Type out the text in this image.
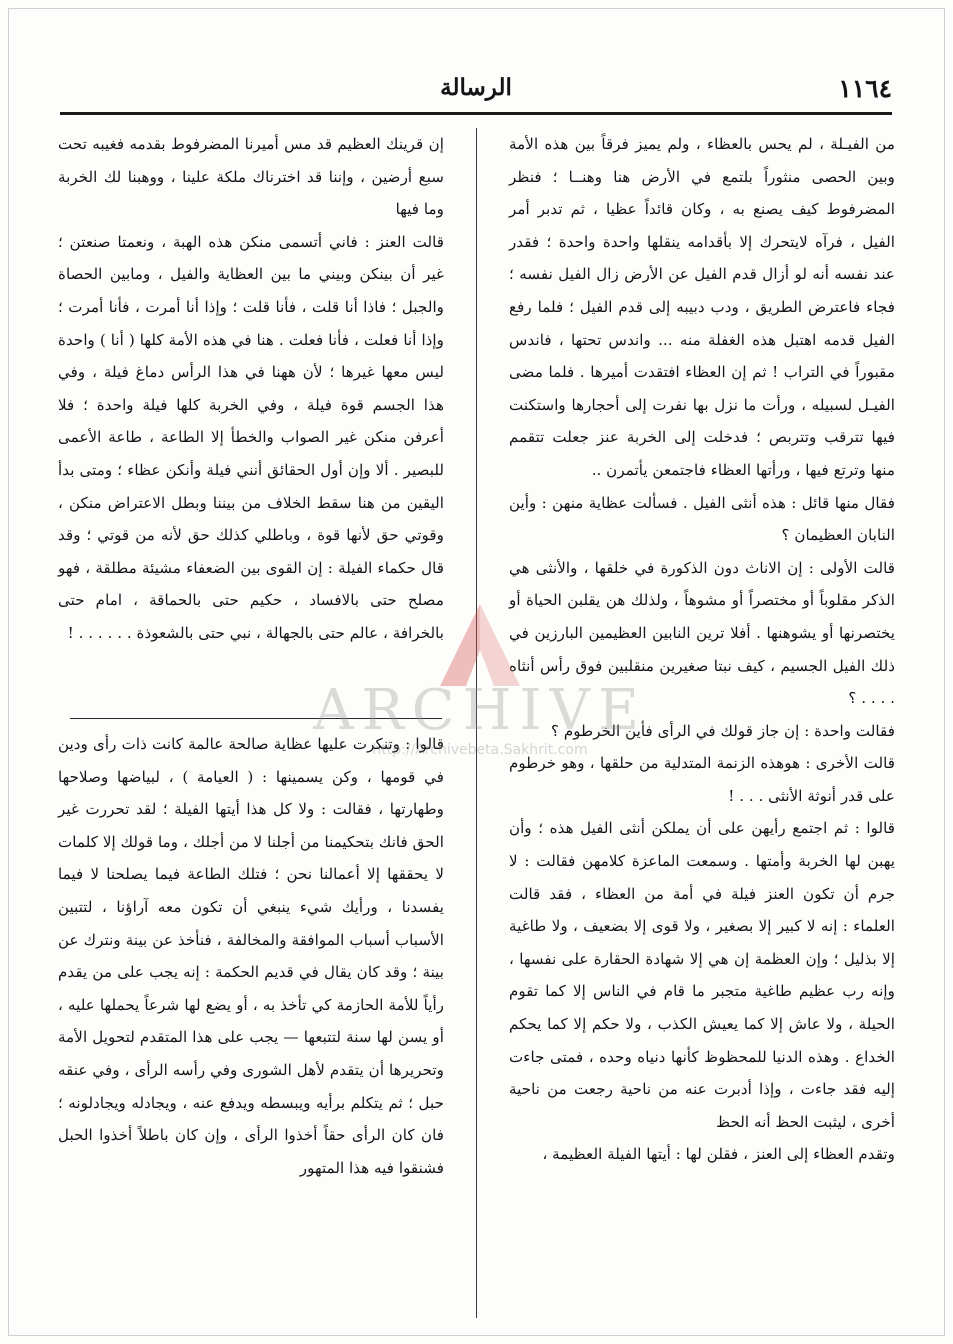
١١٦٤
الرسالة

من الفيـلة ، لم يحس بالعظاء ، ولم يميز فرقاً بين هذه الأمة وبين الحصى منثوراً بلتمع في الأرض هنا وهنــا ؛ فنظر المضرفوط كيف يصنع به ، وكان قائداً عظيا ، ثم تدبر أمر الفيل ، فرآه لايتحرك إلا بأقدامه ينقلها واحدة واحدة ؛ فقدر عند نفسه أنه لو أزال قدم الفيل عن الأرض زال الفيل نفسه ؛ فجاء فاعترض الطريق ، ودب دبيبه إلى قدم الفيل ؛ فلما رفع الفيل قدمه اهتبل هذه الغفلة منه ... واندس تحتها ، فاندس مقبوراً في التراب ! ثم إن العظاء افتقدت أميرها . فلما مضى الفيـل لسبيله ، ورأت ما نزل بها نفرت إلى أحجارها واستكنت فيها تترقب وتتربص ؛ فدخلت إلى الخربة عنز جعلت تتقمم منها وترتع فيها ، ورأتها العظاء فاجتمعن يأتمرن ..

فقال منها قائل : هذه أنثى الفيل . فسألت عظاية منهن : وأين النابان العظيمان ؟

قالت الأولى : إن الاناث دون الذكورة في خلقها ، والأنثى هي الذكر مقلوباً أو مختصراً أو مشوهاً ، ولذلك هن يقلبن الحياة أو يختصرنها أو يشوهنها . أفلا ترين النابين العظيمين البارزين في ذلك الفيل الجسيم ، كيف نبتا صغيرين منقلبين فوق رأس أنثاه . . . . ؟

فقالت واحدة : إن جاز قولك في الرأى فأين الخرطوم ؟

قالت الأخرى : هوهذه الزنمة المتدلية من حلقها ، وهو خرطوم على قدر أنوثة الأنثى . . . !

قالوا : ثم اجتمع رأيهن على أن يملكن أنثى الفيل هذه ؛ وأن يهبن لها الخربة وأمتها . وسمعت الماعزة كلامهن فقالت : لا جرم أن تكون العنز فيلة في أمة من العظاء ، فقد قالت العلماء : إنه لا كبير إلا بصغير ، ولا قوى إلا بضعيف ، ولا طاغية إلا بذليل ؛ وإن العظمة إن هي إلا شهادة الحقارة على نفسها ، وإنه رب عظيم طاغية متجبر ما قام في الناس إلا كما تقوم الحيلة ، ولا عاش إلا كما يعيش الكذب ، ولا حكم إلا كما يحكم الخداع . وهذه الدنيا للمحظوظ كأنها دنياه وحده ، فمتى جاءت إليه فقد جاءت ، وإذا أدبرت عنه من ناحية رجعت من ناحية أخرى ، ليثبت الحظ أنه الحظ

وتقدم العظاء إلى العنز ، فقلن لها : أيتها الفيلة العظيمة ،

إن قرينك العظيم قد مس أميرنا المضرفوط بقدمه فغيبه تحت سبع أرضين ، وإننا قد اخترناك ملكة علينا ، ووهبنا لك الخربة وما فيها

قالت العنز : فاني أتسمى منكن هذه الهبة ، ونعمتا صنعتن ؛ غير أن بينكن وبيني ما بين العظاية والفيل ، ومابين الحصاة والجبل ؛ فاذا أنا قلت ، فأنا قلت ؛ وإذا أنا أمرت ، فأنا أمرت ؛ وإذا أنا فعلت ، فأنا فعلت . هنا في هذه الأمة كلها ( أنا ) واحدة ليس معها غيرها ؛ لأن ههنا في هذا الرأس دماغ فيلة ، وفي هذا الجسم قوة فيلة ، وفي الخربة كلها فيلة واحدة ؛ فلا أعرفن منكن غير الصواب والخطأ إلا الطاعة ، طاعة الأعمى للبصير . ألا وإن أول الحقائق أنني فيلة وأنكن عظاء ؛ ومتى بدأ اليقين من هنا سقط الخلاف من بيننا وبطل الاعتراض منكن ، وقوتي حق لأنها قوة ، وباطلي كذلك حق لأنه من قوتي ؛ وقد قال حكماء الفيلة : إن القوى بين الضعفاء مشيئة مطلقة ، فهو مصلح حتى بالافساد ، حكيم حتى بالحماقة ، امام حتى بالخرافة ، عالم حتى بالجهالة ، نبي حتى بالشعوذة . . . . . . !

قالوا : وتنكرت عليها عظاية صالحة عالمة كانت ذات رأى ودين في قومها ، وكن يسمينها : ( العيامة ) ، لبياضها وصلاحها وطهارتها ، فقالت : ولا كل هذا أيتها الفيلة ؛ لقد تحررت غير الحق فانك بتحكيمنا من أجلنا لا من أجلك ، وما قولك إلا كلمات لا يحققها إلا أعمالنا نحن ؛ فتلك الطاعة فيما يصلحنا لا فيما يفسدنا ، ورأيك شيء ينبغي أن تكون معه آراؤنا ، لتتبين الأسباب أسباب الموافقة والمخالفة ، فنأخذ عن بينة ونترك عن بينة ؛ وقد كان يقال في قديم الحكمة : إنه يجب على من يقدم رأياً للأمة الحازمة كي تأخذ به ، أو يضع لها شرعاً يحملها عليه ، أو يسن لها سنة لتتبعها — يجب على هذا المتقدم لتحويل الأمة وتحريرها أن يتقدم لأهل الشورى وفي رأسه الرأى ، وفي عنقه حبل ؛ ثم يتكلم برأيه ويبسطه ويدفع عنه ، ويجادله ويجادلونه ؛ فان كان الرأى حقاً أخذوا الرأى ، وإن كان باطلاً أخذوا الحبل فشنقوا فيه هذا المتهور

ARCHIVE
http://Archivebeta.Sakhrit.com
